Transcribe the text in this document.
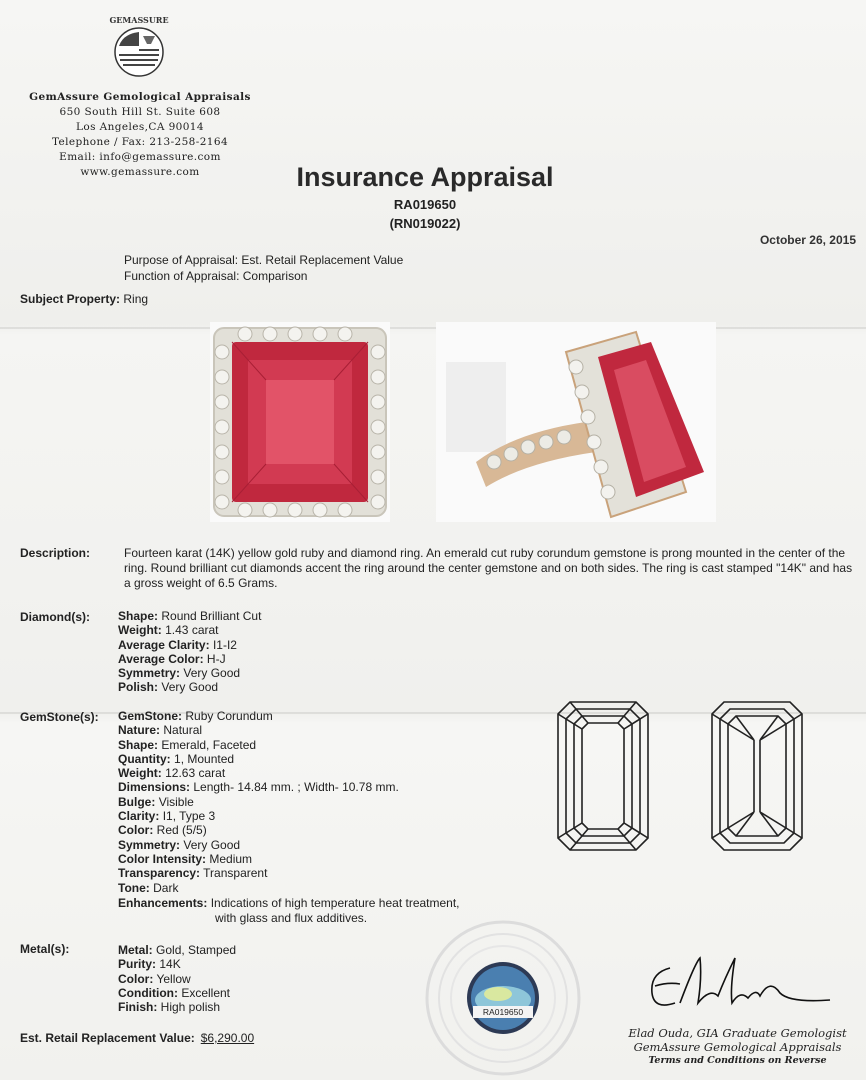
GEMASSURE
GemAssure Gemological Appraisals
650 South Hill St. Suite 608
Los Angeles,CA 90014
Telephone / Fax: 213-258-2164
Email: info@gemassure.com
www.gemassure.com	Insurance Appraisal
RA019650
(RN019022)
October 26, 2015
Purpose of Appraisal: Est. Retail Replacement Value
Function of Appraisal: Comparison
Subject Property: Ring
Description:	Fourteen karat (14K) yellow gold ruby and diamond ring. An emerald cut ruby corundum gemstone is prong mounted in the center of the ring. Round brilliant cut diamonds accent the ring around the center gemstone and on both sides. The ring is cast stamped "14K" and has a gross weight of 6.5 Grams.
Diamond(s): Shape: Round Brilliant Cut
Weight: 1.43 carat
Average Clarity: I1-I2
Average Color: H-J
Symmetry: Very Good
Polish: Very Good
GemStone(s): GemStone: Ruby Corundum
Nature: Natural
Shape: Emerald, Faceted
Quantity: 1, Mounted
Weight: 12.63 carat
Dimensions: Length- 14.84 mm. ; Width- 10.78 mm.
Bulge: Visible
Clarity: I1, Type 3
Color: Red (5/5)
Symmetry: Very Good
Color Intensity: Medium
Transparency: Transparent
Tone: Dark
Enhancements: Indications of high temperature heat treatment,
with glass and flux additives.
Metal(s):	Metal: Gold, Stamped
Purity: 14K
Color: Yellow
Condition: Excellent
Finish: High polish	RA019650
Elad Ouda, GIA Graduate Gemologist
GemAssure Gemological Appraisals
Terms and Conditions on Reverse
Est. Retail Replacement Value: $6,290.00
